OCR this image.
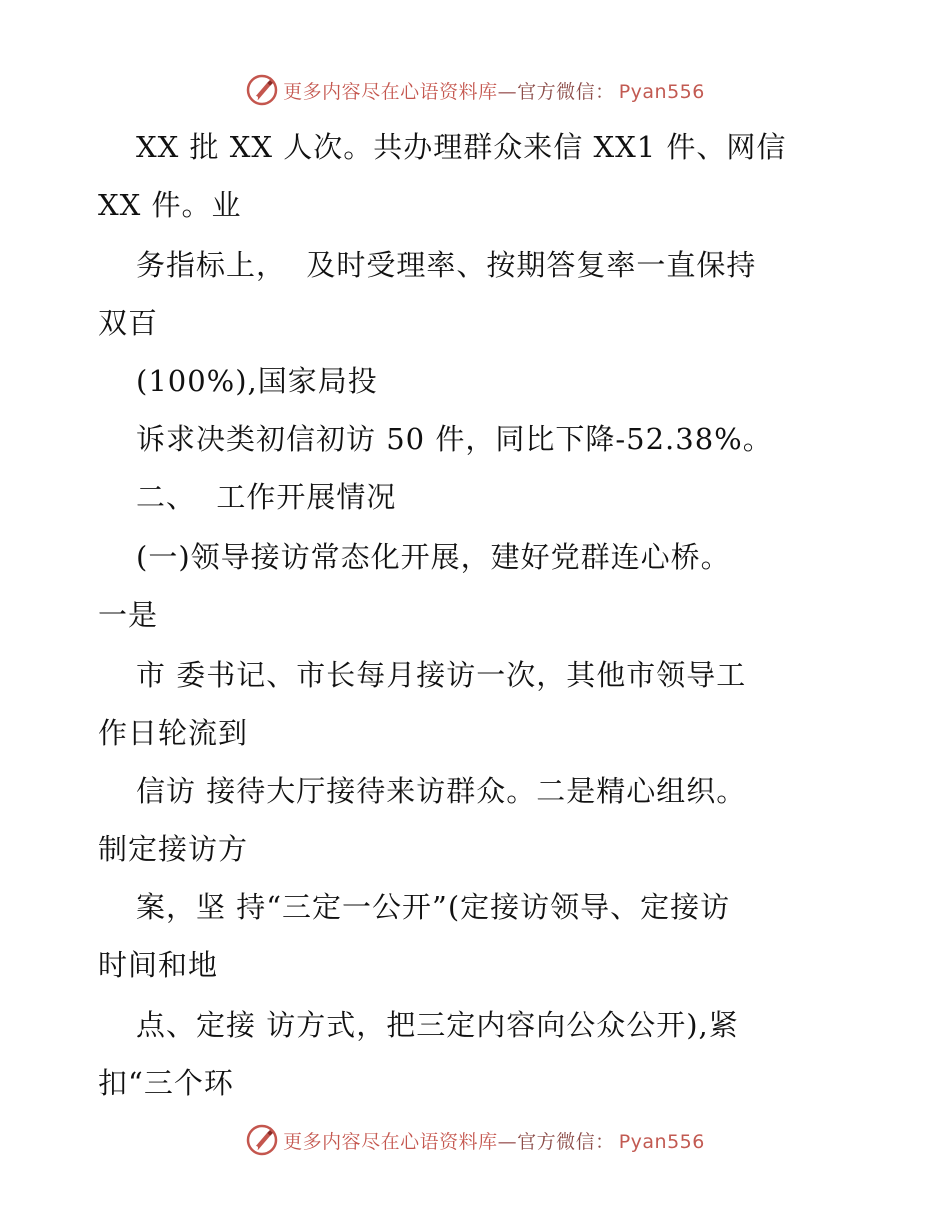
更多内容尽在心语资料库—官方微信： Pyan556
XX 批 XX 人次。共办理群众来信 XX1 件、网信
XX 件。业
务指标上，  及时受理率、按期答复率一直保持
双百
(100%),国家局投
诉求决类初信初访 50 件，同比下降-52.38%。
二、  工作开展情况
(一)领导接访常态化开展，建好党群连心桥。
一是
市 委书记、市长每月接访一次，其他市领导工
作日轮流到
信访 接待大厅接待来访群众。二是精心组织。
制定接访方
案，坚 持“三定一公开”(定接访领导、定接访
时间和地
点、定接 访方式，把三定内容向公众公开),紧
扣“三个环
更多内容尽在心语资料库—官方微信： Pyan556
